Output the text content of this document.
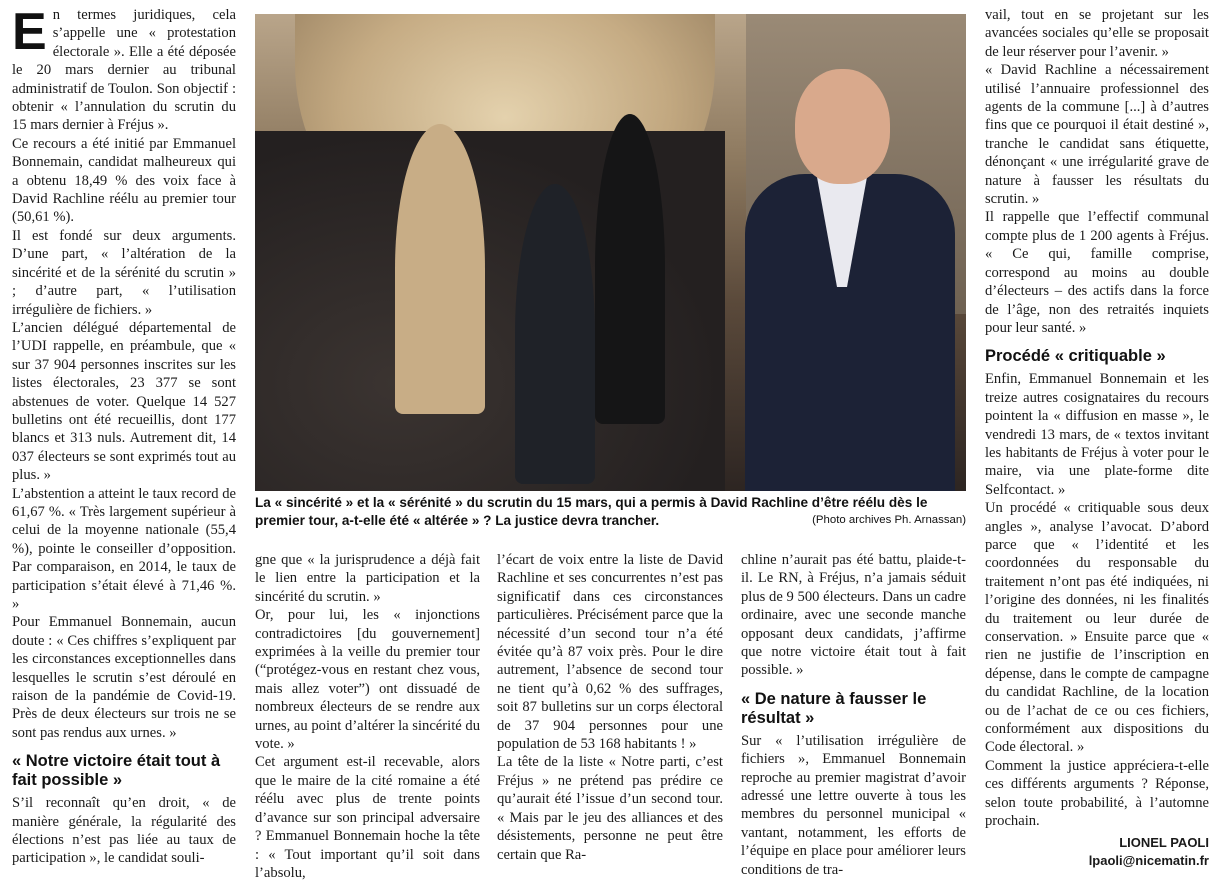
En termes juridiques, cela s’appelle une « protestation électorale ». Elle a été déposée le 20 mars dernier au tribunal administratif de Toulon. Son objectif : obtenir « l’annulation du scrutin du 15 mars dernier à Fréjus ».

Ce recours a été initié par Emmanuel Bonnemain, candidat malheureux qui a obtenu 18,49 % des voix face à David Rachline réélu au premier tour (50,61 %).

Il est fondé sur deux arguments. D’une part, « l’altération de la sincérité et de la sérénité du scrutin » ; d’autre part, « l’utilisation irrégulière de fichiers. »

L’ancien délégué départemental de l’UDI rappelle, en préambule, que « sur 37 904 personnes inscrites sur les listes électorales, 23 377 se sont abstenues de voter. Quelque 14 527 bulletins ont été recueillis, dont 177 blancs et 313 nuls. Autrement dit, 14 037 électeurs se sont exprimés tout au plus. »

L’abstention a atteint le taux record de 61,67 %. « Très largement supérieur à celui de la moyenne nationale (55,4 %), pointe le conseiller d’opposition. Par comparaison, en 2014, le taux de participation s’était élevé à 71,46 %. »

Pour Emmanuel Bonnemain, aucun doute : « Ces chiffres s’expliquent par les circonstances exceptionnelles dans lesquelles le scrutin s’est déroulé en raison de la pandémie de Covid-19. Près de deux électeurs sur trois ne se sont pas rendus aux urnes. »

« Notre victoire était tout à fait possible »

S’il reconnaît qu’en droit, « de manière générale, la régularité des élections n’est pas liée au taux de participation », le candidat souli-

La « sincérité » et la « sérénité » du scrutin du 15 mars, qui a permis à David Rachline d’être réélu dès le premier tour, a-t-elle été « altérée » ? La justice devra trancher.	(Photo archives Ph. Arnassan)

gne que « la jurisprudence a déjà fait le lien entre la participation et la sincérité du scrutin. »

Or, pour lui, les « injonctions contradictoires [du gouvernement] exprimées à la veille du premier tour (“protégez-vous en restant chez vous, mais allez voter”) ont dissuadé de nombreux électeurs de se rendre aux urnes, au point d’altérer la sincérité du vote. »

Cet argument est-il recevable, alors que le maire de la cité romaine a été réélu avec plus de trente points d’avance sur son principal adversaire ? Emmanuel Bonnemain hoche la tête : « Tout important qu’il soit dans l’absolu,

l’écart de voix entre la liste de David Rachline et ses concurrentes n’est pas significatif dans ces circonstances particulières. Précisément parce que la nécessité d’un second tour n’a été évitée qu’à 87 voix près. Pour le dire autrement, l’absence de second tour ne tient qu’à 0,62 % des suffrages, soit 87 bulletins sur un corps électoral de 37 904 personnes pour une population de 53 168 habitants ! »

La tête de la liste « Notre parti, c’est Fréjus » ne prétend pas prédire ce qu’aurait été l’issue d’un second tour. « Mais par le jeu des alliances et des désistements, personne ne peut être certain que Ra-

chline n’aurait pas été battu, plaide-t-il. Le RN, à Fréjus, n’a jamais séduit plus de 9 500 électeurs. Dans un cadre ordinaire, avec une seconde manche opposant deux candidats, j’affirme que notre victoire était tout à fait possible. »

« De nature à fausser le résultat »

Sur « l’utilisation irrégulière de fichiers », Emmanuel Bonnemain reproche au premier magistrat d’avoir adressé une lettre ouverte à tous les membres du personnel municipal « vantant, notamment, les efforts de l’équipe en place pour améliorer leurs conditions de tra-

vail, tout en se projetant sur les avancées sociales qu’elle se proposait de leur réserver pour l’avenir. »

« David Rachline a nécessairement utilisé l’annuaire professionnel des agents de la commune [...] à d’autres fins que ce pourquoi il était destiné », tranche le candidat sans étiquette, dénonçant « une irrégularité grave de nature à fausser les résultats du scrutin. »

Il rappelle que l’effectif communal compte plus de 1 200 agents à Fréjus. « Ce qui, famille comprise, correspond au moins au double d’électeurs – des actifs dans la force de l’âge, non des retraités inquiets pour leur santé. »

Procédé « critiquable »

Enfin, Emmanuel Bonnemain et les treize autres cosignataires du recours pointent la « diffusion en masse », le vendredi 13 mars, de « textos invitant les habitants de Fréjus à voter pour le maire, via une plate-forme dite Selfcontact. »

Un procédé « critiquable sous deux angles », analyse l’avocat. D’abord parce que « l’identité et les coordonnées du responsable du traitement n’ont pas été indiquées, ni l’origine des données, ni les finalités du traitement ou leur durée de conservation. » Ensuite parce que « rien ne justifie de l’inscription en dépense, dans le compte de campagne du candidat Rachline, de la location ou de l’achat de ce ou ces fichiers, conformément aux dispositions du Code électoral. »

Comment la justice appréciera-t-elle ces différents arguments ? Réponse, selon toute probabilité, à l’automne prochain.

LIONEL PAOLI
lpaoli@nicematin.fr
